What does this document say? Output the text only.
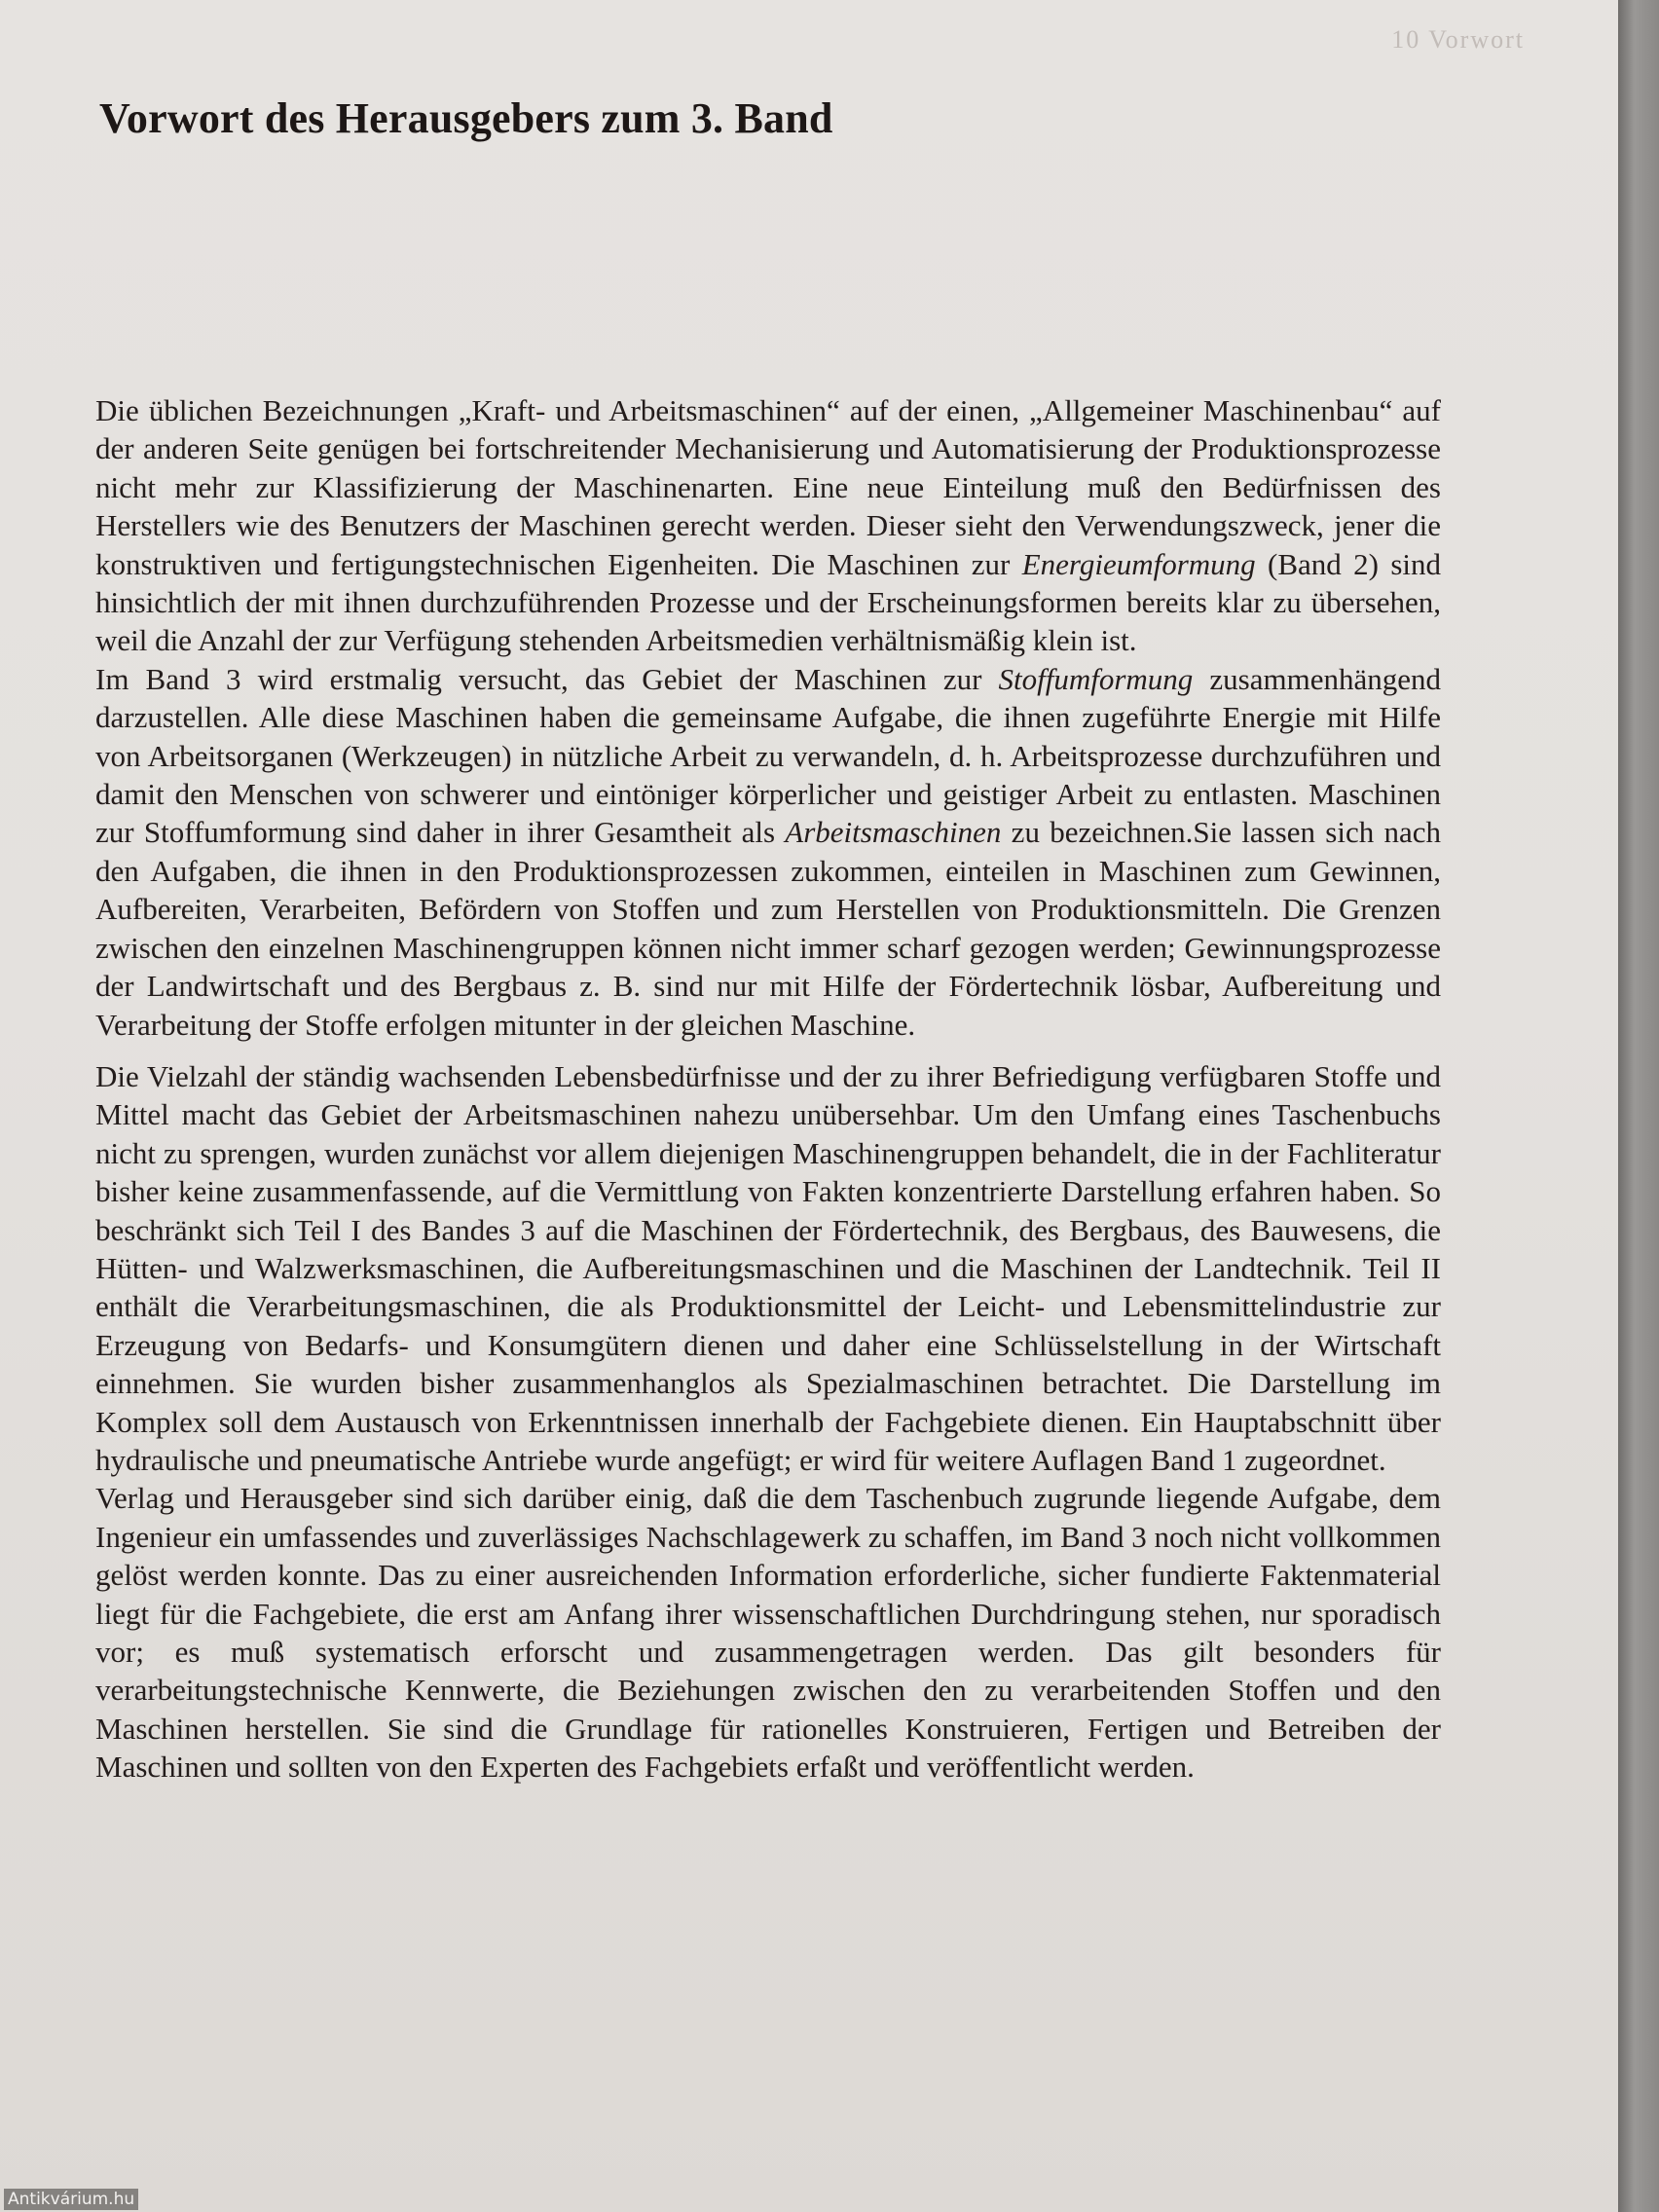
10 Vorwort
Vorwort des Herausgebers zum 3. Band

Die üblichen Bezeichnungen „Kraft- und Arbeitsmaschinen“ auf der einen, „Allgemeiner Maschinenbau“ auf der anderen Seite genügen bei fortschreitender Mechanisierung und Automatisierung der Produktionsprozesse nicht mehr zur Klassifizierung der Maschinenarten. Eine neue Einteilung muß den Bedürfnissen des Herstellers wie des Benutzers der Maschinen gerecht werden. Dieser sieht den Verwendungszweck, jener die konstruktiven und fertigungstechnischen Eigenheiten. Die Maschinen zur Energieumformung (Band 2) sind hinsichtlich der mit ihnen durchzuführenden Prozesse und der Erscheinungsformen bereits klar zu übersehen, weil die Anzahl der zur Verfügung stehenden Arbeitsmedien verhältnismäßig klein ist.

Im Band 3 wird erstmalig versucht, das Gebiet der Maschinen zur Stoffumformung zusammenhängend darzustellen. Alle diese Maschinen haben die gemeinsame Aufgabe, die ihnen zugeführte Energie mit Hilfe von Arbeitsorganen (Werkzeugen) in nützliche Arbeit zu verwandeln, d. h. Arbeitsprozesse durchzuführen und damit den Menschen von schwerer und eintöniger körperlicher und geistiger Arbeit zu entlasten. Maschinen zur Stoffumformung sind daher in ihrer Gesamtheit als Arbeitsmaschinen zu bezeichnen.Sie lassen sich nach den Aufgaben, die ihnen in den Produktionsprozessen zukommen, einteilen in Maschinen zum Gewinnen, Aufbereiten, Verarbeiten, Befördern von Stoffen und zum Herstellen von Produktionsmitteln. Die Grenzen zwischen den einzelnen Maschinengruppen können nicht immer scharf gezogen werden; Gewinnungsprozesse der Landwirtschaft und des Bergbaus z. B. sind nur mit Hilfe der Fördertechnik lösbar, Aufbereitung und Verarbeitung der Stoffe erfolgen mitunter in der gleichen Maschine.

Die Vielzahl der ständig wachsenden Lebensbedürfnisse und der zu ihrer Befriedigung verfügbaren Stoffe und Mittel macht das Gebiet der Arbeitsmaschinen nahezu unübersehbar. Um den Umfang eines Taschenbuchs nicht zu sprengen, wurden zunächst vor allem diejenigen Maschinengruppen behandelt, die in der Fachliteratur bisher keine zusammenfassende, auf die Vermittlung von Fakten konzentrierte Darstellung erfahren haben. So beschränkt sich Teil I des Bandes 3 auf die Maschinen der Fördertechnik, des Bergbaus, des Bauwesens, die Hütten- und Walzwerksmaschinen, die Aufbereitungsmaschinen und die Maschinen der Landtechnik. Teil II enthält die Verarbeitungsmaschinen, die als Produktionsmittel der Leicht- und Lebensmittelindustrie zur Erzeugung von Bedarfs- und Konsumgütern dienen und daher eine Schlüsselstellung in der Wirtschaft einnehmen. Sie wurden bisher zusammenhanglos als Spezialmaschinen betrachtet. Die Darstellung im Komplex soll dem Austausch von Erkenntnissen innerhalb der Fachgebiete dienen. Ein Hauptabschnitt über hydraulische und pneumatische Antriebe wurde angefügt; er wird für weitere Auflagen Band 1 zugeordnet.

Verlag und Herausgeber sind sich darüber einig, daß die dem Taschenbuch zugrunde liegende Aufgabe, dem Ingenieur ein umfassendes und zuverlässiges Nachschlagewerk zu schaffen, im Band 3 noch nicht vollkommen gelöst werden konnte. Das zu einer ausreichenden Information erforderliche, sicher fundierte Faktenmaterial liegt für die Fachgebiete, die erst am Anfang ihrer wissenschaftlichen Durchdringung stehen, nur sporadisch vor; es muß systematisch erforscht und zusammengetragen werden. Das gilt besonders für verarbeitungstechnische Kennwerte, die Beziehungen zwischen den zu verarbeitenden Stoffen und den Maschinen herstellen. Sie sind die Grundlage für rationelles Konstruieren, Fertigen und Betreiben der Maschinen und sollten von den Experten des Fachgebiets erfaßt und veröffentlicht werden.

Antikvárium.hu
